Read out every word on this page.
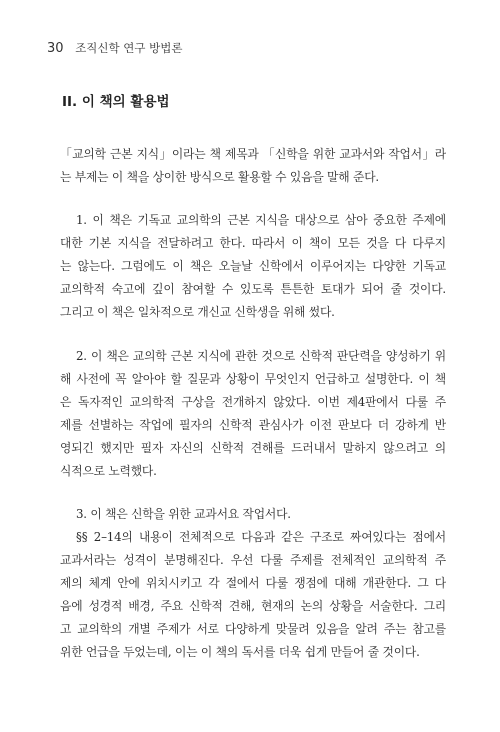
30 조직신학 연구 방법론
II. 이 책의 활용법
「교의학 근본 지식」이라는 책 제목과 「신학을 위한 교과서와 작업서」라
는 부제는 이 책을 상이한 방식으로 활용할 수 있음을 말해 준다.
1. 이 책은 기독교 교의학의 근본 지식을 대상으로 삼아 중요한 주제에
대한 기본 지식을 전달하려고 한다. 따라서 이 책이 모든 것을 다 다루지
는 않는다. 그럼에도 이 책은 오늘날 신학에서 이루어지는 다양한 기독교
교의학적 숙고에 깊이 참여할 수 있도록 튼튼한 토대가 되어 줄 것이다.
그리고 이 책은 일차적으로 개신교 신학생을 위해 썼다.
2. 이 책은 교의학 근본 지식에 관한 것으로 신학적 판단력을 양성하기 위
해 사전에 꼭 알아야 할 질문과 상황이 무엇인지 언급하고 설명한다. 이 책
은 독자적인 교의학적 구상을 전개하지 않았다. 이번 제4판에서 다룰 주
제를 선별하는 작업에 필자의 신학적 관심사가 이전 판보다 더 강하게 반
영되긴 했지만 필자 자신의 신학적 견해를 드러내서 말하지 않으려고 의
식적으로 노력했다.
3. 이 책은 신학을 위한 교과서요 작업서다.
§§ 2–14의 내용이 전체적으로 다음과 같은 구조로 짜여있다는 점에서
교과서라는 성격이 분명해진다. 우선 다룰 주제를 전체적인 교의학적 주
제의 체계 안에 위치시키고 각 절에서 다룰 쟁점에 대해 개관한다. 그 다
음에 성경적 배경, 주요 신학적 견해, 현재의 논의 상황을 서술한다. 그리
고 교의학의 개별 주제가 서로 다양하게 맞물려 있음을 알려 주는 참고를
위한 언급을 두었는데, 이는 이 책의 독서를 더욱 쉽게 만들어 줄 것이다.
